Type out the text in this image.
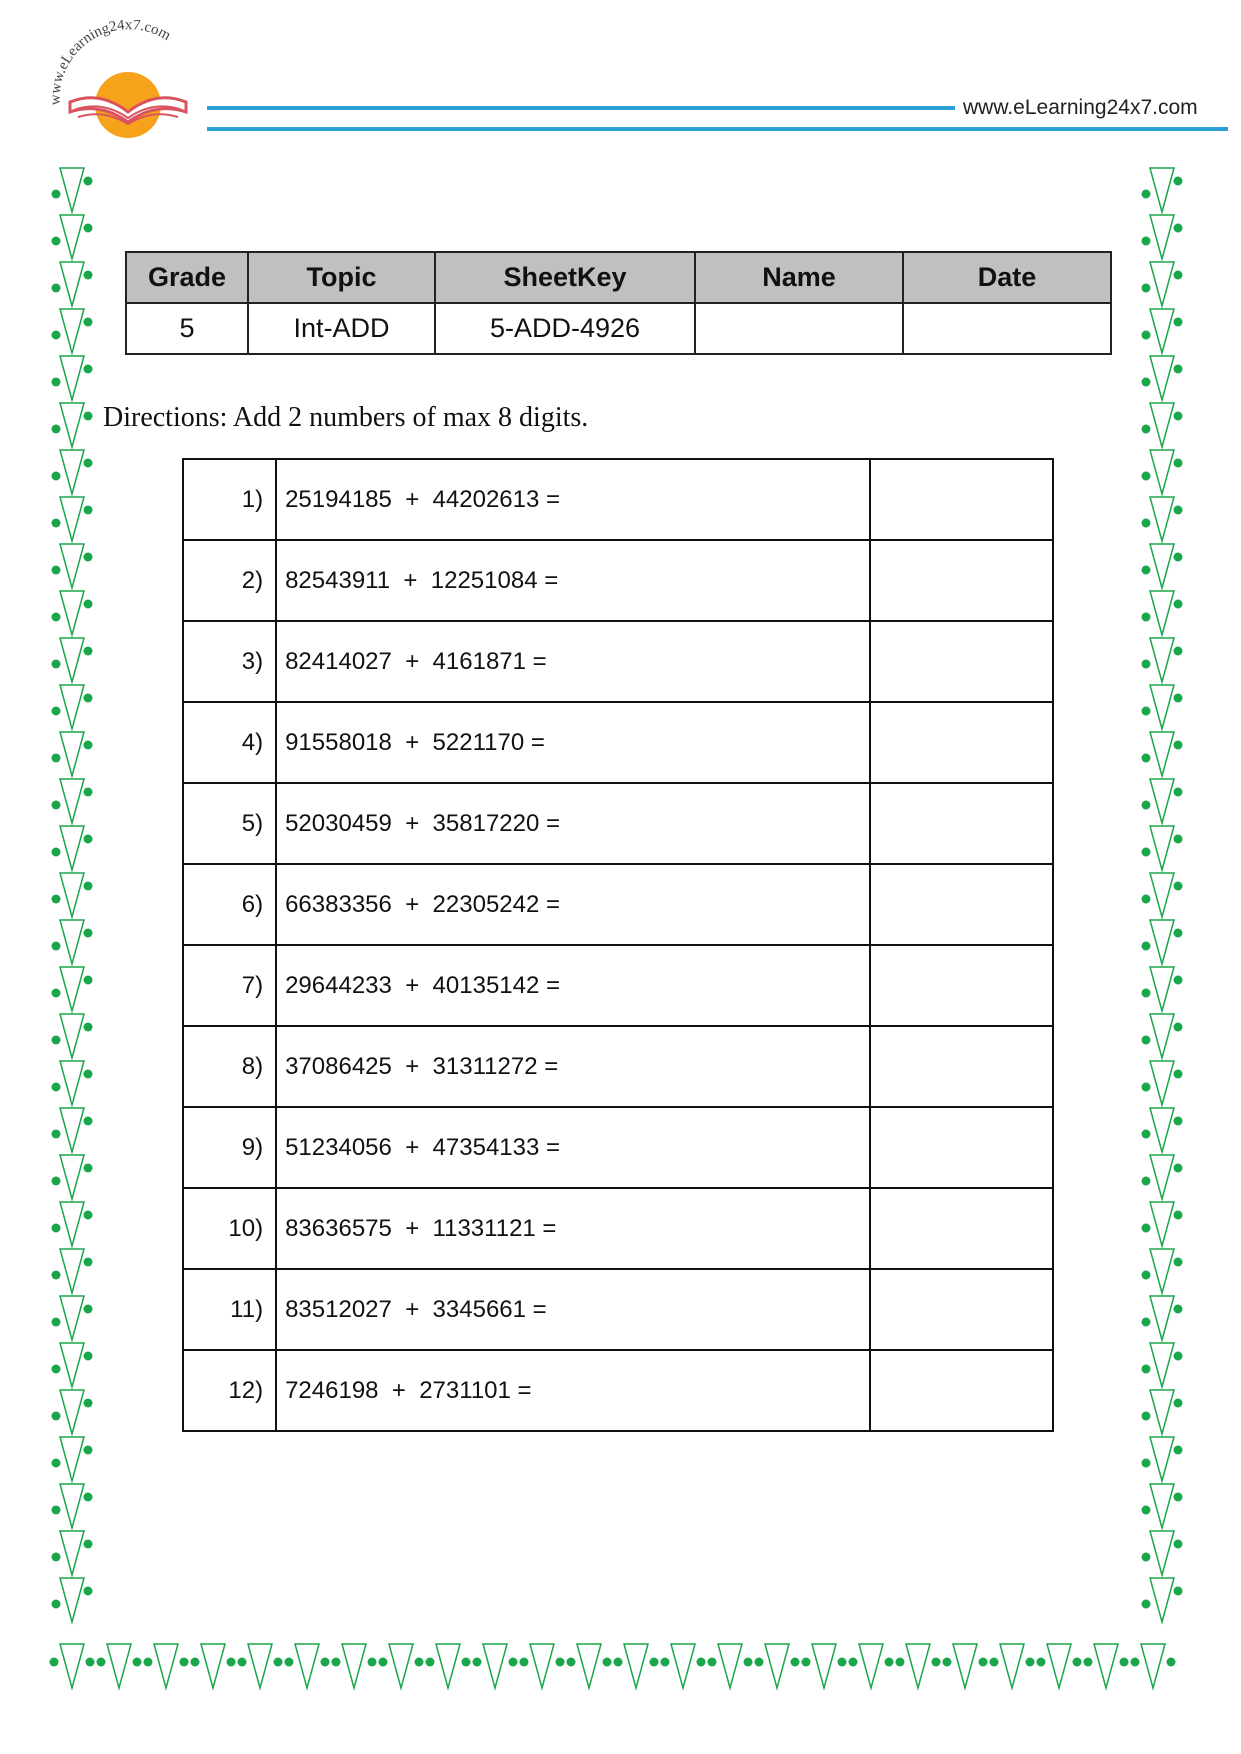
www.eLearning24x7.com
www.eLearning24x7.com
Grade	Topic	SheetKey	Name	Date
5	Int-ADD	5-ADD-4926		
Directions: Add 2 numbers of max 8 digits.
1)	25194185  +  44202613 =	
2)	82543911  +  12251084 =	
3)	82414027  +  4161871 =	
4)	91558018  +  5221170 =	
5)	52030459  +  35817220 =	
6)	66383356  +  22305242 =	
7)	29644233  +  40135142 =	
8)	37086425  +  31311272 =	
9)	51234056  +  47354133 =	
10)	83636575  +  11331121 =	
11)	83512027  +  3345661 =	
12)	7246198  +  2731101 =	
